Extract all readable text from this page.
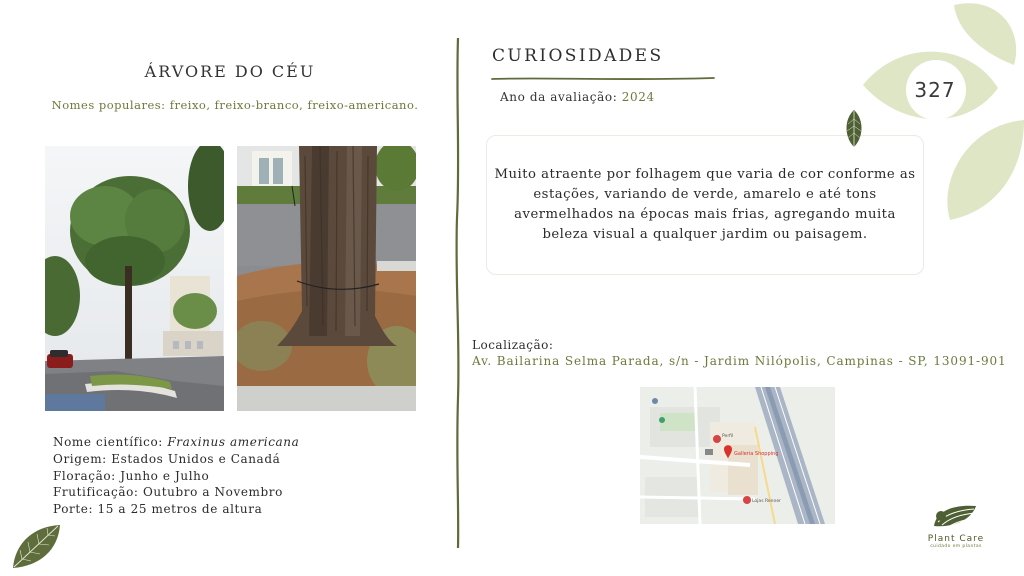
ÁRVORE DO CÉU
Nomes populares: freixo, freixo-branco, freixo-americano.
Nome científico: Fraxinus americana
Origem: Estados Unidos e Canadá
Floração: Junho e Julho
Frutificação: Outubro a Novembro
Porte: 15 a 25 metros de altura
CURIOSIDADES
Ano da avaliação: 2024
Muito atraente por folhagem que varia de cor conforme as estações, variando de verde, amarelo e até tons avermelhados na épocas mais frias, agregando muita beleza visual a qualquer jardim ou paisagem.
Localização:
Av. Bailarina Selma Parada, s/n - Jardim Nilópolis, Campinas - SP, 13091-901
Galleria Shopping
Lojas Renner
Perfil
327
Plant Care
cuidado em plantas
